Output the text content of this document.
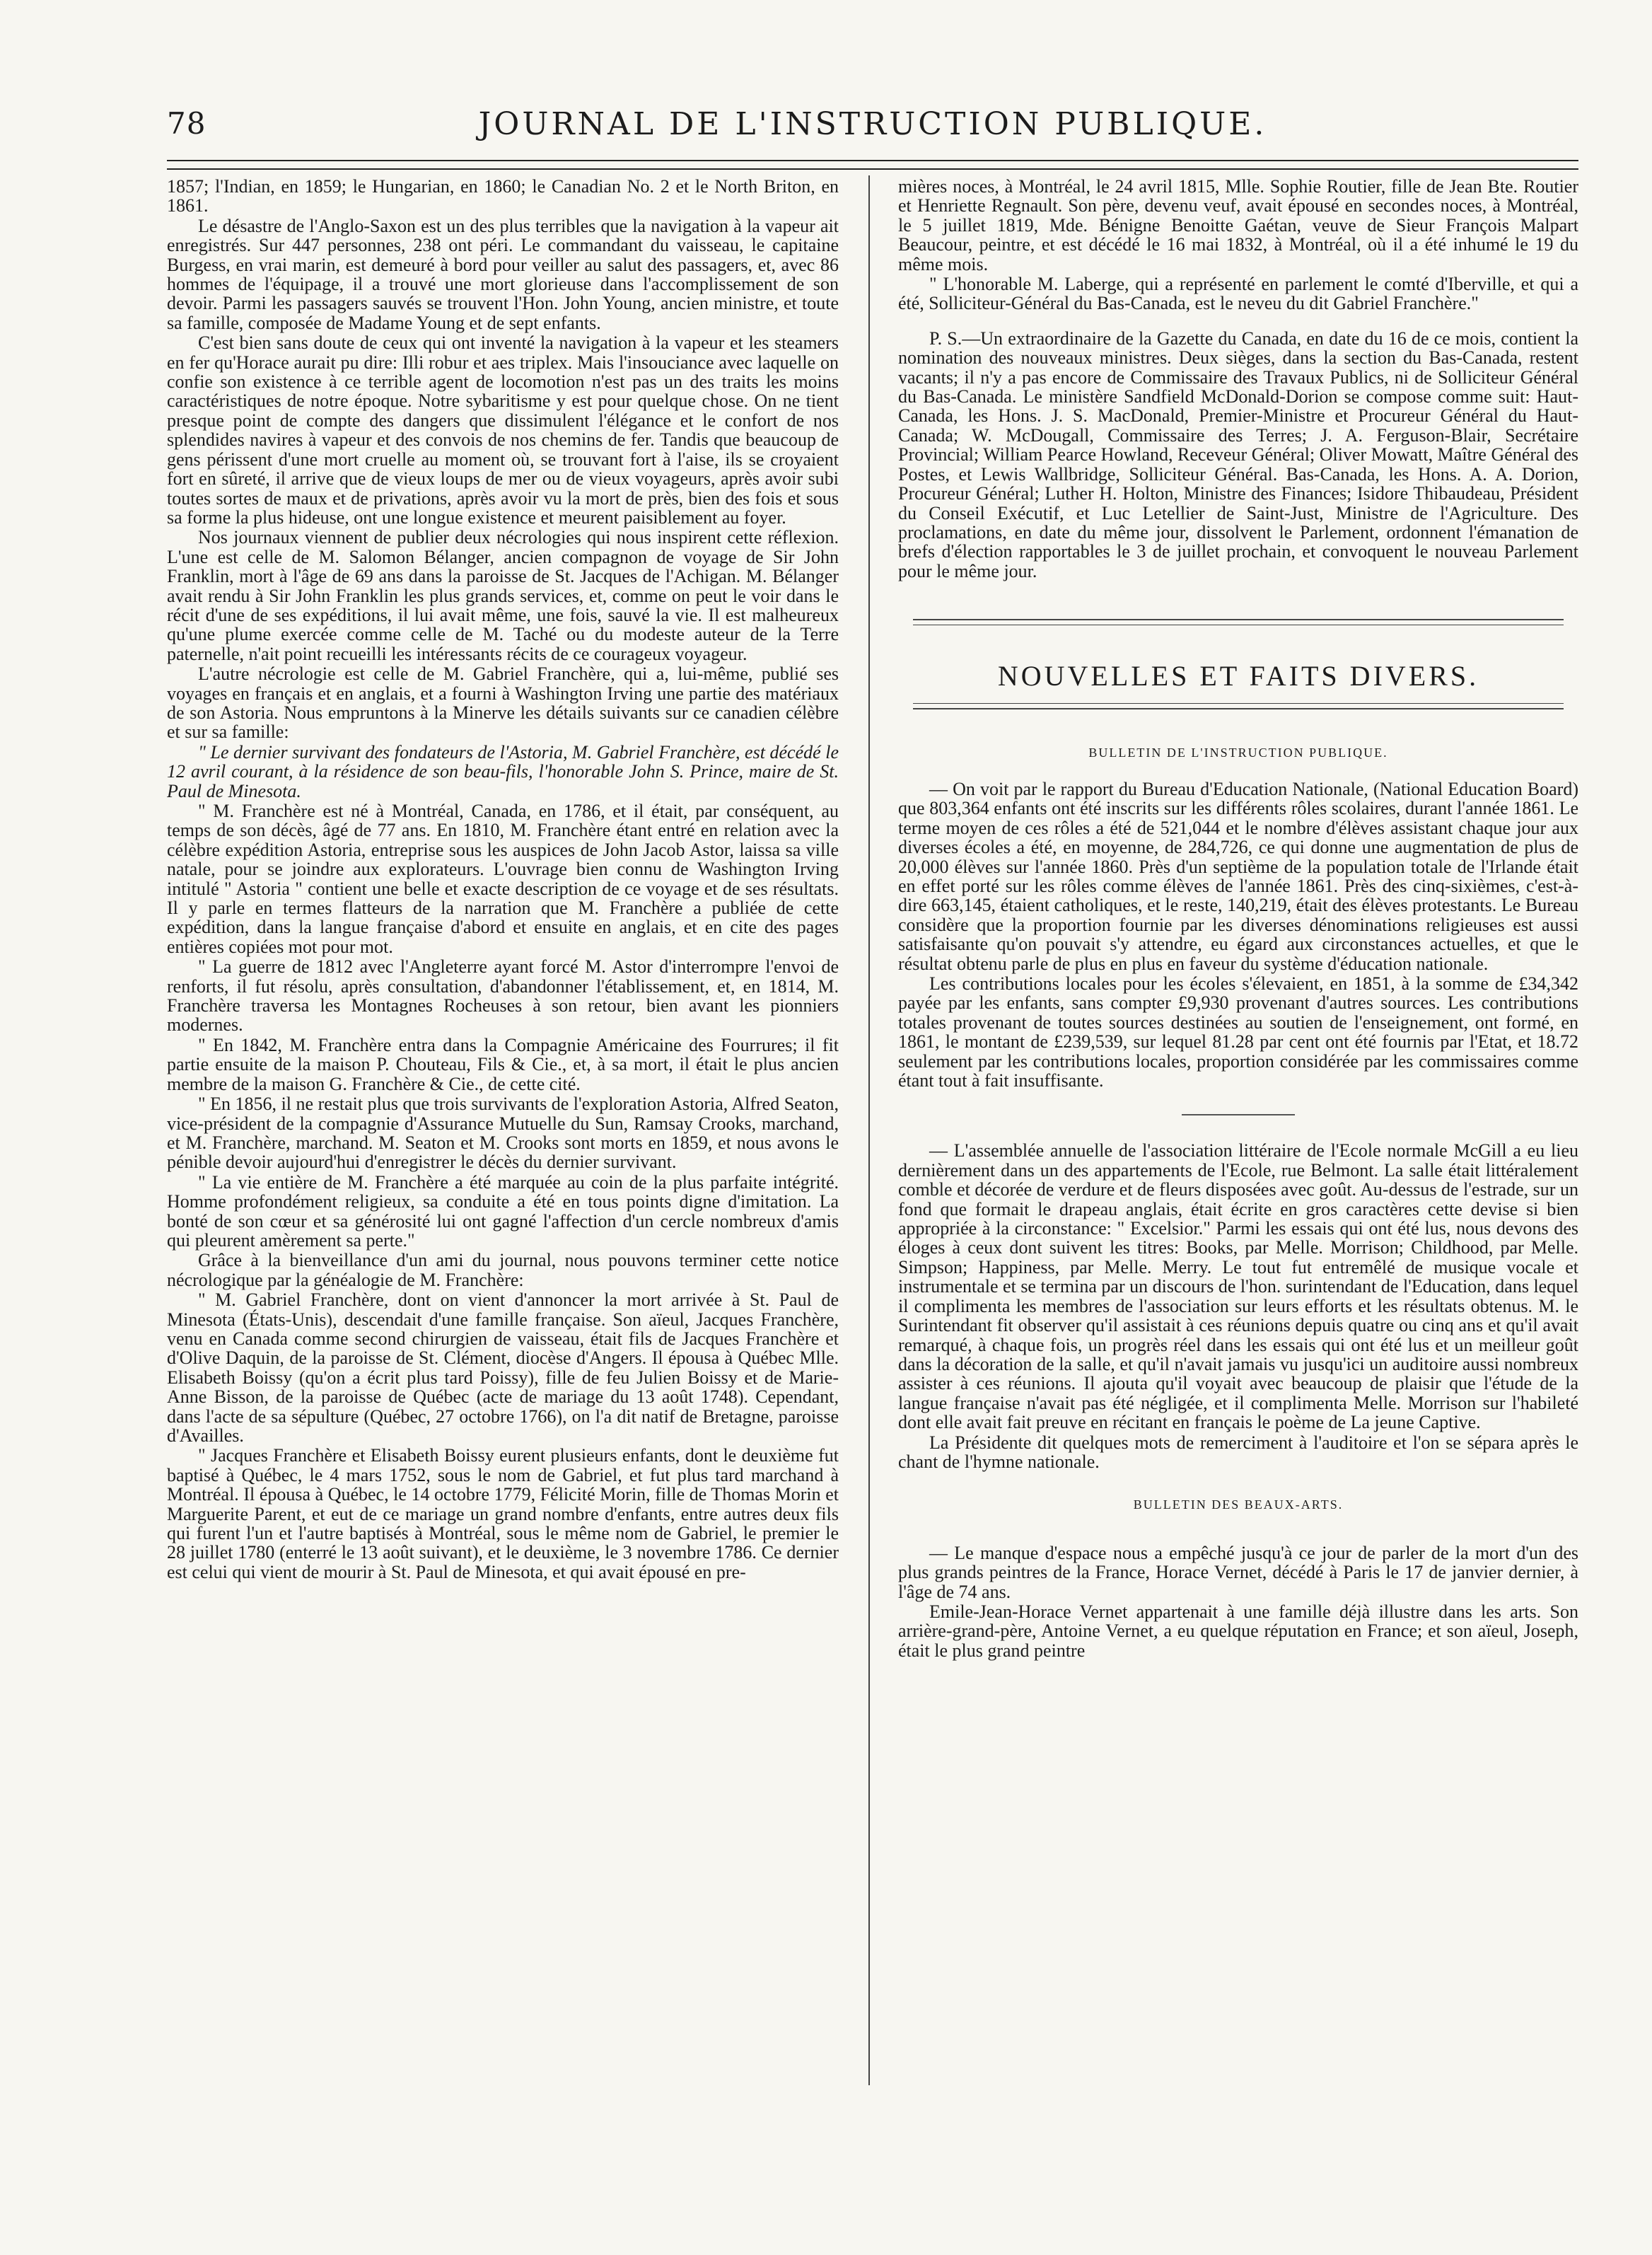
78	JOURNAL DE L'INSTRUCTION PUBLIQUE.

1857; l'Indian, en 1859; le Hungarian, en 1860; le Canadian No. 2 et le North Briton, en 1861.

Le désastre de l'Anglo-Saxon est un des plus terribles que la navigation à la vapeur ait enregistrés. Sur 447 personnes, 238 ont péri. Le commandant du vaisseau, le capitaine Burgess, en vrai marin, est demeuré à bord pour veiller au salut des passagers, et, avec 86 hommes de l'équipage, il a trouvé une mort glorieuse dans l'accomplissement de son devoir. Parmi les passagers sauvés se trouvent l'Hon. John Young, ancien ministre, et toute sa famille, composée de Madame Young et de sept enfants.

C'est bien sans doute de ceux qui ont inventé la navigation à la vapeur et les steamers en fer qu'Horace aurait pu dire: Illi robur et aes triplex. Mais l'insouciance avec laquelle on confie son existence à ce terrible agent de locomotion n'est pas un des traits les moins caractéristiques de notre époque. Notre sybaritisme y est pour quelque chose. On ne tient presque point de compte des dangers que dissimulent l'élégance et le confort de nos splendides navires à vapeur et des convois de nos chemins de fer. Tandis que beaucoup de gens périssent d'une mort cruelle au moment où, se trouvant fort à l'aise, ils se croyaient fort en sûreté, il arrive que de vieux loups de mer ou de vieux voyageurs, après avoir subi toutes sortes de maux et de privations, après avoir vu la mort de près, bien des fois et sous sa forme la plus hideuse, ont une longue existence et meurent paisiblement au foyer.

Nos journaux viennent de publier deux nécrologies qui nous inspirent cette réflexion. L'une est celle de M. Salomon Bélanger, ancien compagnon de voyage de Sir John Franklin, mort à l'âge de 69 ans dans la paroisse de St. Jacques de l'Achigan. M. Bélanger avait rendu à Sir John Franklin les plus grands services, et, comme on peut le voir dans le récit d'une de ses expéditions, il lui avait même, une fois, sauvé la vie. Il est malheureux qu'une plume exercée comme celle de M. Taché ou du modeste auteur de la Terre paternelle, n'ait point recueilli les intéressants récits de ce courageux voyageur.

L'autre nécrologie est celle de M. Gabriel Franchère, qui a, lui-même, publié ses voyages en français et en anglais, et a fourni à Washington Irving une partie des matériaux de son Astoria. Nous empruntons à la Minerve les détails suivants sur ce canadien célèbre et sur sa famille:

" Le dernier survivant des fondateurs de l'Astoria, M. Gabriel Franchère, est décédé le 12 avril courant, à la résidence de son beau-fils, l'honorable John S. Prince, maire de St. Paul de Minesota.

" M. Franchère est né à Montréal, Canada, en 1786, et il était, par conséquent, au temps de son décès, âgé de 77 ans. En 1810, M. Franchère étant entré en relation avec la célèbre expédition Astoria, entreprise sous les auspices de John Jacob Astor, laissa sa ville natale, pour se joindre aux explorateurs. L'ouvrage bien connu de Washington Irving intitulé " Astoria " contient une belle et exacte description de ce voyage et de ses résultats. Il y parle en termes flatteurs de la narration que M. Franchère a publiée de cette expédition, dans la langue française d'abord et ensuite en anglais, et en cite des pages entières copiées mot pour mot.

" La guerre de 1812 avec l'Angleterre ayant forcé M. Astor d'interrompre l'envoi de renforts, il fut résolu, après consultation, d'abandonner l'établissement, et, en 1814, M. Franchère traversa les Montagnes Rocheuses à son retour, bien avant les pionniers modernes.

" En 1842, M. Franchère entra dans la Compagnie Américaine des Fourrures; il fit partie ensuite de la maison P. Chouteau, Fils & Cie., et, à sa mort, il était le plus ancien membre de la maison G. Franchère & Cie., de cette cité.

" En 1856, il ne restait plus que trois survivants de l'exploration Astoria, Alfred Seaton, vice-président de la compagnie d'Assurance Mutuelle du Sun, Ramsay Crooks, marchand, et M. Franchère, marchand. M. Seaton et M. Crooks sont morts en 1859, et nous avons le pénible devoir aujourd'hui d'enregistrer le décès du dernier survivant.

" La vie entière de M. Franchère a été marquée au coin de la plus parfaite intégrité. Homme profondément religieux, sa conduite a été en tous points digne d'imitation. La bonté de son cœur et sa générosité lui ont gagné l'affection d'un cercle nombreux d'amis qui pleurent amèrement sa perte."

Grâce à la bienveillance d'un ami du journal, nous pouvons terminer cette notice nécrologique par la généalogie de M. Franchère:

" M. Gabriel Franchère, dont on vient d'annoncer la mort arrivée à St. Paul de Minesota (États-Unis), descendait d'une famille française. Son aïeul, Jacques Franchère, venu en Canada comme second chirurgien de vaisseau, était fils de Jacques Franchère et d'Olive Daquin, de la paroisse de St. Clément, diocèse d'Angers. Il épousa à Québec Mlle. Elisabeth Boissy (qu'on a écrit plus tard Poissy), fille de feu Julien Boissy et de Marie-Anne Bisson, de la paroisse de Québec (acte de mariage du 13 août 1748). Cependant, dans l'acte de sa sépulture (Québec, 27 octobre 1766), on l'a dit natif de Bretagne, paroisse d'Availles.

" Jacques Franchère et Elisabeth Boissy eurent plusieurs enfants, dont le deuxième fut baptisé à Québec, le 4 mars 1752, sous le nom de Gabriel, et fut plus tard marchand à Montréal. Il épousa à Québec, le 14 octobre 1779, Félicité Morin, fille de Thomas Morin et Marguerite Parent, et eut de ce mariage un grand nombre d'enfants, entre autres deux fils qui furent l'un et l'autre baptisés à Montréal, sous le même nom de Gabriel, le premier le 28 juillet 1780 (enterré le 13 août suivant), et le deuxième, le 3 novembre 1786. Ce dernier est celui qui vient de mourir à St. Paul de Minesota, et qui avait épousé en pre-

mières noces, à Montréal, le 24 avril 1815, Mlle. Sophie Routier, fille de Jean Bte. Routier et Henriette Regnault. Son père, devenu veuf, avait épousé en secondes noces, à Montréal, le 5 juillet 1819, Mde. Bénigne Benoitte Gaétan, veuve de Sieur François Malpart Beaucour, peintre, et est décédé le 16 mai 1832, à Montréal, où il a été inhumé le 19 du même mois.

" L'honorable M. Laberge, qui a représenté en parlement le comté d'Iberville, et qui a été, Solliciteur-Général du Bas-Canada, est le neveu du dit Gabriel Franchère."

P. S.—Un extraordinaire de la Gazette du Canada, en date du 16 de ce mois, contient la nomination des nouveaux ministres. Deux sièges, dans la section du Bas-Canada, restent vacants; il n'y a pas encore de Commissaire des Travaux Publics, ni de Solliciteur Général du Bas-Canada. Le ministère Sandfield McDonald-Dorion se compose comme suit: Haut-Canada, les Hons. J. S. MacDonald, Premier-Ministre et Procureur Général du Haut-Canada; W. McDougall, Commissaire des Terres; J. A. Ferguson-Blair, Secrétaire Provincial; William Pearce Howland, Receveur Général; Oliver Mowatt, Maître Général des Postes, et Lewis Wallbridge, Solliciteur Général. Bas-Canada, les Hons. A. A. Dorion, Procureur Général; Luther H. Holton, Ministre des Finances; Isidore Thibaudeau, Président du Conseil Exécutif, et Luc Letellier de Saint-Just, Ministre de l'Agriculture. Des proclamations, en date du même jour, dissolvent le Parlement, ordonnent l'émanation de brefs d'élection rapportables le 3 de juillet prochain, et convoquent le nouveau Parlement pour le même jour.

NOUVELLES ET FAITS DIVERS.
BULLETIN DE L'INSTRUCTION PUBLIQUE.

— On voit par le rapport du Bureau d'Education Nationale, (National Education Board) que 803,364 enfants ont été inscrits sur les différents rôles scolaires, durant l'année 1861. Le terme moyen de ces rôles a été de 521,044 et le nombre d'élèves assistant chaque jour aux diverses écoles a été, en moyenne, de 284,726, ce qui donne une augmentation de plus de 20,000 élèves sur l'année 1860. Près d'un septième de la population totale de l'Irlande était en effet porté sur les rôles comme élèves de l'année 1861. Près des cinq-sixièmes, c'est-à-dire 663,145, étaient catholiques, et le reste, 140,219, était des élèves protestants. Le Bureau considère que la proportion fournie par les diverses dénominations religieuses est aussi satisfaisante qu'on pouvait s'y attendre, eu égard aux circonstances actuelles, et que le résultat obtenu parle de plus en plus en faveur du système d'éducation nationale.

Les contributions locales pour les écoles s'élevaient, en 1851, à la somme de £34,342 payée par les enfants, sans compter £9,930 provenant d'autres sources. Les contributions totales provenant de toutes sources destinées au soutien de l'enseignement, ont formé, en 1861, le montant de £239,539, sur lequel 81.28 par cent ont été fournis par l'Etat, et 18.72 seulement par les contributions locales, proportion considérée par les commissaires comme étant tout à fait insuffisante.

— L'assemblée annuelle de l'association littéraire de l'Ecole normale McGill a eu lieu dernièrement dans un des appartements de l'Ecole, rue Belmont. La salle était littéralement comble et décorée de verdure et de fleurs disposées avec goût. Au-dessus de l'estrade, sur un fond que formait le drapeau anglais, était écrite en gros caractères cette devise si bien appropriée à la circonstance: " Excelsior." Parmi les essais qui ont été lus, nous devons des éloges à ceux dont suivent les titres: Books, par Melle. Morrison; Childhood, par Melle. Simpson; Happiness, par Melle. Merry. Le tout fut entremêlé de musique vocale et instrumentale et se termina par un discours de l'hon. surintendant de l'Education, dans lequel il complimenta les membres de l'association sur leurs efforts et les résultats obtenus. M. le Surintendant fit observer qu'il assistait à ces réunions depuis quatre ou cinq ans et qu'il avait remarqué, à chaque fois, un progrès réel dans les essais qui ont été lus et un meilleur goût dans la décoration de la salle, et qu'il n'avait jamais vu jusqu'ici un auditoire aussi nombreux assister à ces réunions. Il ajouta qu'il voyait avec beaucoup de plaisir que l'étude de la langue française n'avait pas été négligée, et il complimenta Melle. Morrison sur l'habileté dont elle avait fait preuve en récitant en français le poème de La jeune Captive.

La Présidente dit quelques mots de remerciment à l'auditoire et l'on se sépara après le chant de l'hymne nationale.

BULLETIN DES BEAUX-ARTS.

— Le manque d'espace nous a empêché jusqu'à ce jour de parler de la mort d'un des plus grands peintres de la France, Horace Vernet, décédé à Paris le 17 de janvier dernier, à l'âge de 74 ans.

Emile-Jean-Horace Vernet appartenait à une famille déjà illustre dans les arts. Son arrière-grand-père, Antoine Vernet, a eu quelque réputation en France; et son aïeul, Joseph, était le plus grand peintre
